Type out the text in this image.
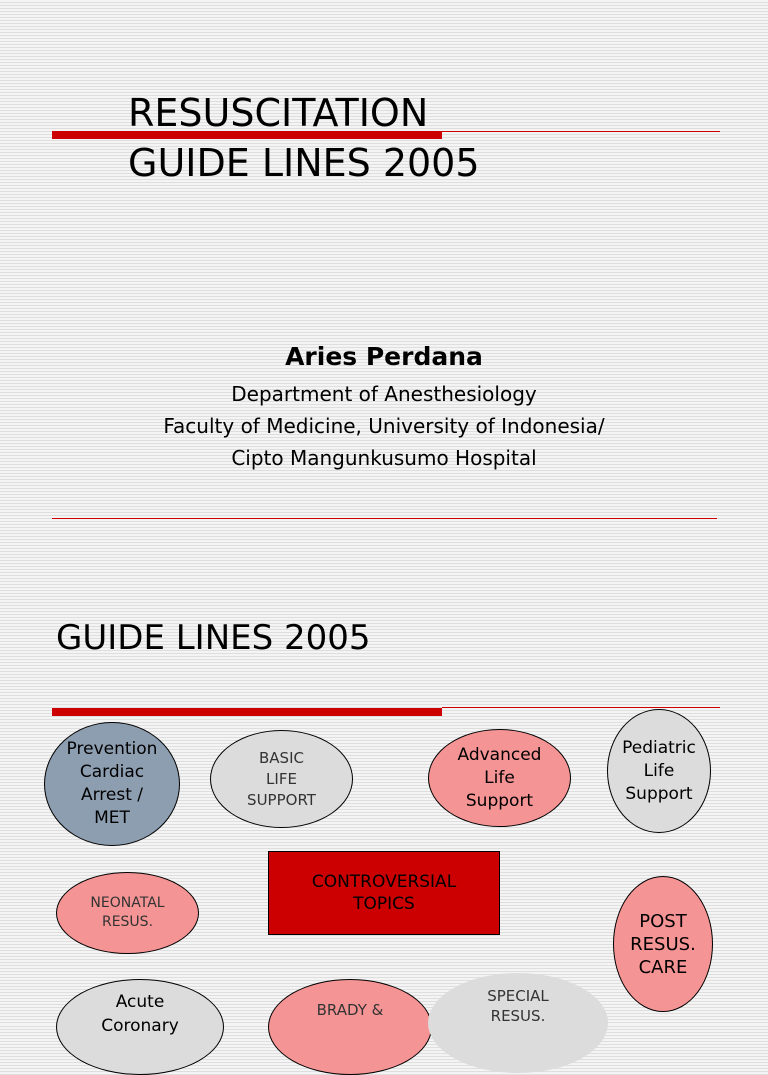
RESUSCITATION
GUIDE LINES 2005
Aries Perdana
Department of Anesthesiology
Faculty of Medicine, University of Indonesia/
Cipto Mangunkusumo Hospital
GUIDE LINES 2005
Prevention
Cardiac
Arrest /
MET
BASIC
LIFE
SUPPORT
Advanced
Life
Support
Pediatric
Life
Support
NEONATAL
RESUS.
CONTROVERSIAL
TOPICS
POST
RESUS.
CARE
Acute
Coronary
BRADY &
SPECIAL
RESUS.
